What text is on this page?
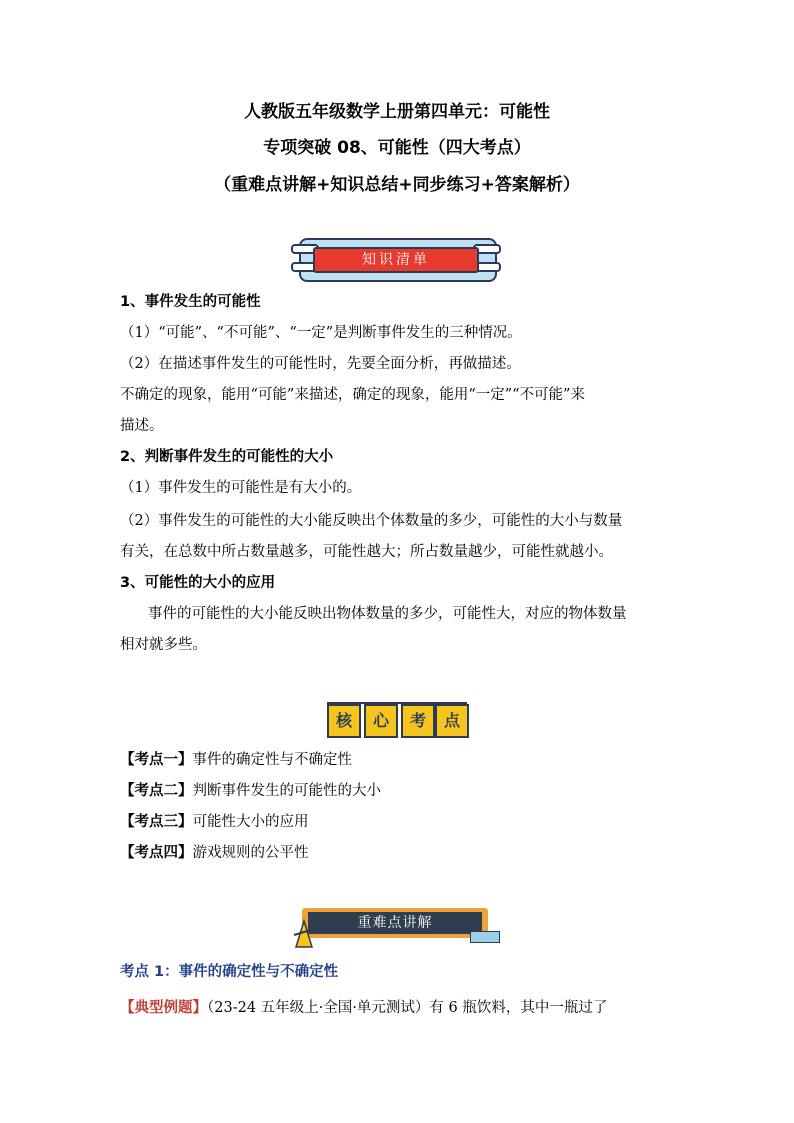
人教版五年级数学上册第四单元：可能性
专项突破 08、可能性（四大考点）
（重难点讲解+知识总结+同步练习+答案解析）
知识清单
1、事件发生的可能性
（1）“可能”、“不可能”、“一定”是判断事件发生的三种情况。
（2）在描述事件发生的可能性时，先要全面分析，再做描述。
不确定的现象，能用“可能”来描述，确定的现象，能用“一定”“不可能”来
描述。
2、判断事件发生的可能性的大小
（1）事件发生的可能性是有大小的。
（2）事件发生的可能性的大小能反映出个体数量的多少，可能性的大小与数量
有关，在总数中所占数量越多，可能性越大；所占数量越少，可能性就越小。
3、可能性的大小的应用
事件的可能性的大小能反映出物体数量的多少，可能性大，对应的物体数量
相对就多些。
核	心	考	点
【考点一】事件的确定性与不确定性
【考点二】判断事件发生的可能性的大小
【考点三】可能性大小的应用
【考点四】游戏规则的公平性
重难点讲解
考点 1：事件的确定性与不确定性
【典型例题】（23-24 五年级上·全国·单元测试）有 6 瓶饮料，其中一瓶过了
